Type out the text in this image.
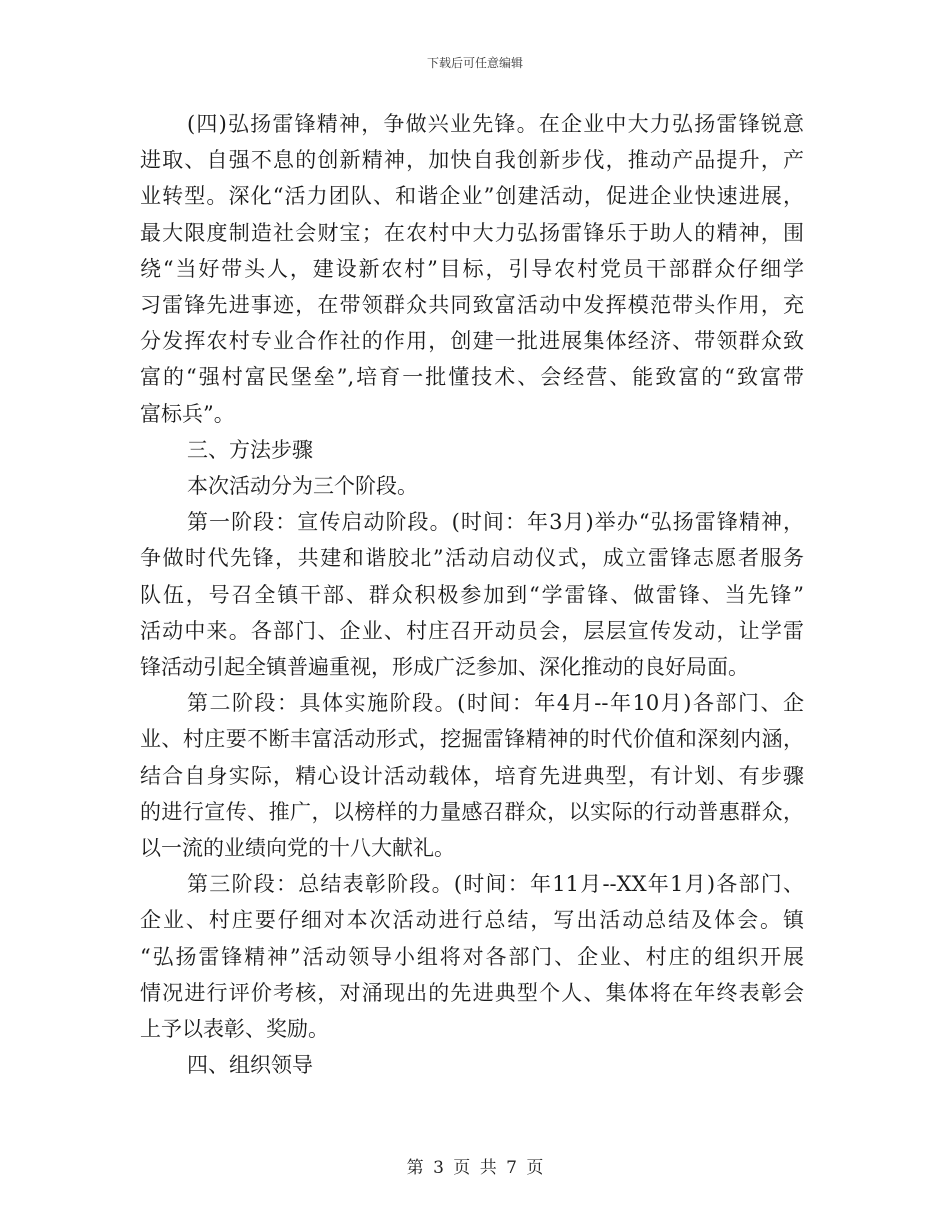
下载后可任意编辑
(四)弘扬雷锋精神，争做兴业先锋。在企业中大力弘扬雷锋锐意
进取、自强不息的创新精神，加快自我创新步伐，推动产品提升，产
业转型。深化“活力团队、和谐企业”创建活动，促进企业快速进展，
最大限度制造社会财宝；在农村中大力弘扬雷锋乐于助人的精神，围
绕“当好带头人，建设新农村”目标，引导农村党员干部群众仔细学
习雷锋先进事迹，在带领群众共同致富活动中发挥模范带头作用，充
分发挥农村专业合作社的作用，创建一批进展集体经济、带领群众致
富的“强村富民堡垒”,培育一批懂技术、会经营、能致富的“致富带
富标兵”。
三、方法步骤
本次活动分为三个阶段。
第一阶段：宣传启动阶段。(时间：年3月)举办“弘扬雷锋精神，
争做时代先锋，共建和谐胶北”活动启动仪式，成立雷锋志愿者服务
队伍，号召全镇干部、群众积极参加到“学雷锋、做雷锋、当先锋”
活动中来。各部门、企业、村庄召开动员会，层层宣传发动，让学雷
锋活动引起全镇普遍重视，形成广泛参加、深化推动的良好局面。
第二阶段：具体实施阶段。(时间：年4月--年10月)各部门、企
业、村庄要不断丰富活动形式，挖掘雷锋精神的时代价值和深刻内涵，
结合自身实际，精心设计活动载体，培育先进典型，有计划、有步骤
的进行宣传、推广，以榜样的力量感召群众，以实际的行动普惠群众，
以一流的业绩向党的十八大献礼。
第三阶段：总结表彰阶段。(时间：年11月--XX年1月)各部门、
企业、村庄要仔细对本次活动进行总结，写出活动总结及体会。镇
“弘扬雷锋精神”活动领导小组将对各部门、企业、村庄的组织开展
情况进行评价考核，对涌现出的先进典型个人、集体将在年终表彰会
上予以表彰、奖励。
四、组织领导
第 3 页 共 7 页
